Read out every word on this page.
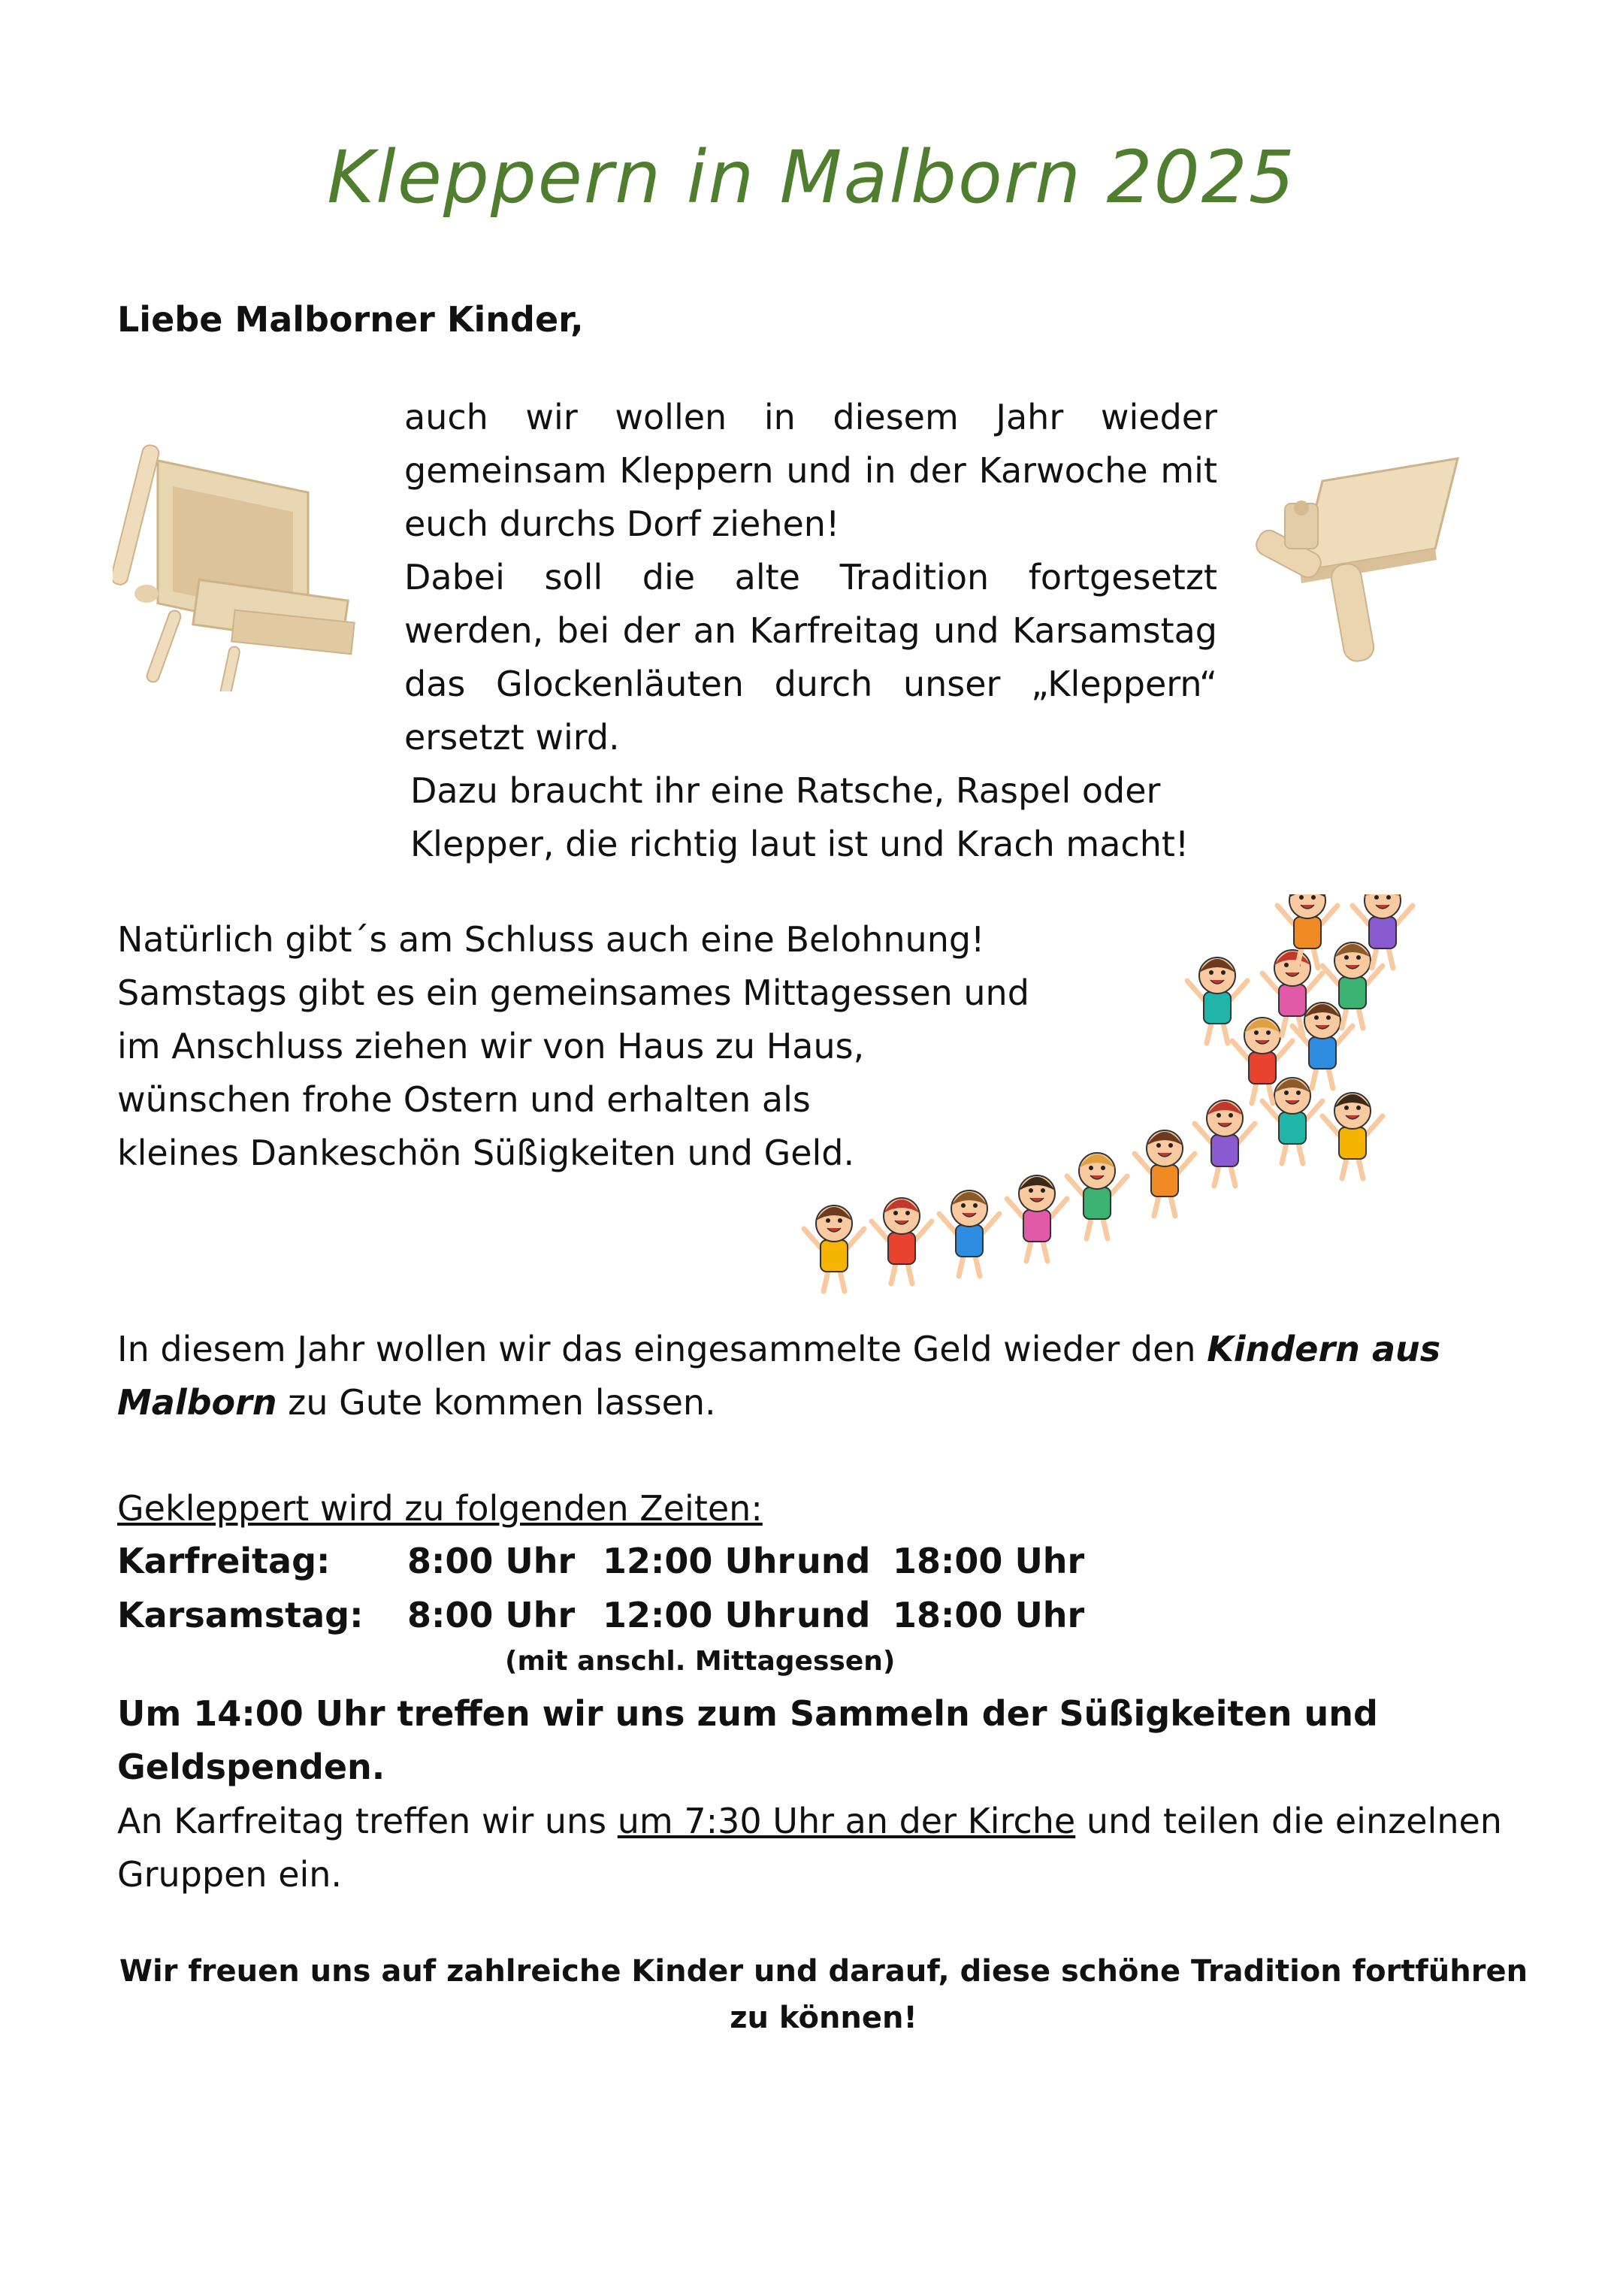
Kleppern in Malborn 2025
Liebe Malborner Kinder,

auch wir wollen in diesem Jahr wieder gemeinsam Kleppern und in der Karwoche mit euch durchs Dorf ziehen!

Dabei soll die alte Tradition fortgesetzt werden, bei der an Karfreitag und Karsamstag das Glockenläuten durch unser „Kleppern“ ersetzt wird.

Dazu braucht ihr eine Ratsche, Raspel oder

Klepper, die richtig laut ist und Krach macht!

Natürlich gibt´s am Schluss auch eine Belohnung!

Samstags gibt es ein gemeinsames Mittagessen und

im Anschluss ziehen wir von Haus zu Haus,

wünschen frohe Ostern und erhalten als

kleines Dankeschön Süßigkeiten und Geld.

In diesem Jahr wollen wir das eingesammelte Geld wieder den Kindern aus Malborn zu Gute kommen lassen.
Gekleppert wird zu folgenden Zeiten:
Karfreitag: 8:00 Uhr 12:00 Uhr und 18:00 Uhr
Karsamstag: 8:00 Uhr 12:00 Uhr und 18:00 Uhr
(mit anschl. Mittagessen)
Um 14:00 Uhr treffen wir uns zum Sammeln der Süßigkeiten und Geldspenden.
An Karfreitag treffen wir uns um 7:30 Uhr an der Kirche und teilen die einzelnen Gruppen ein.
Wir freuen uns auf zahlreiche Kinder und darauf, diese schöne Tradition fortführen zu können!
